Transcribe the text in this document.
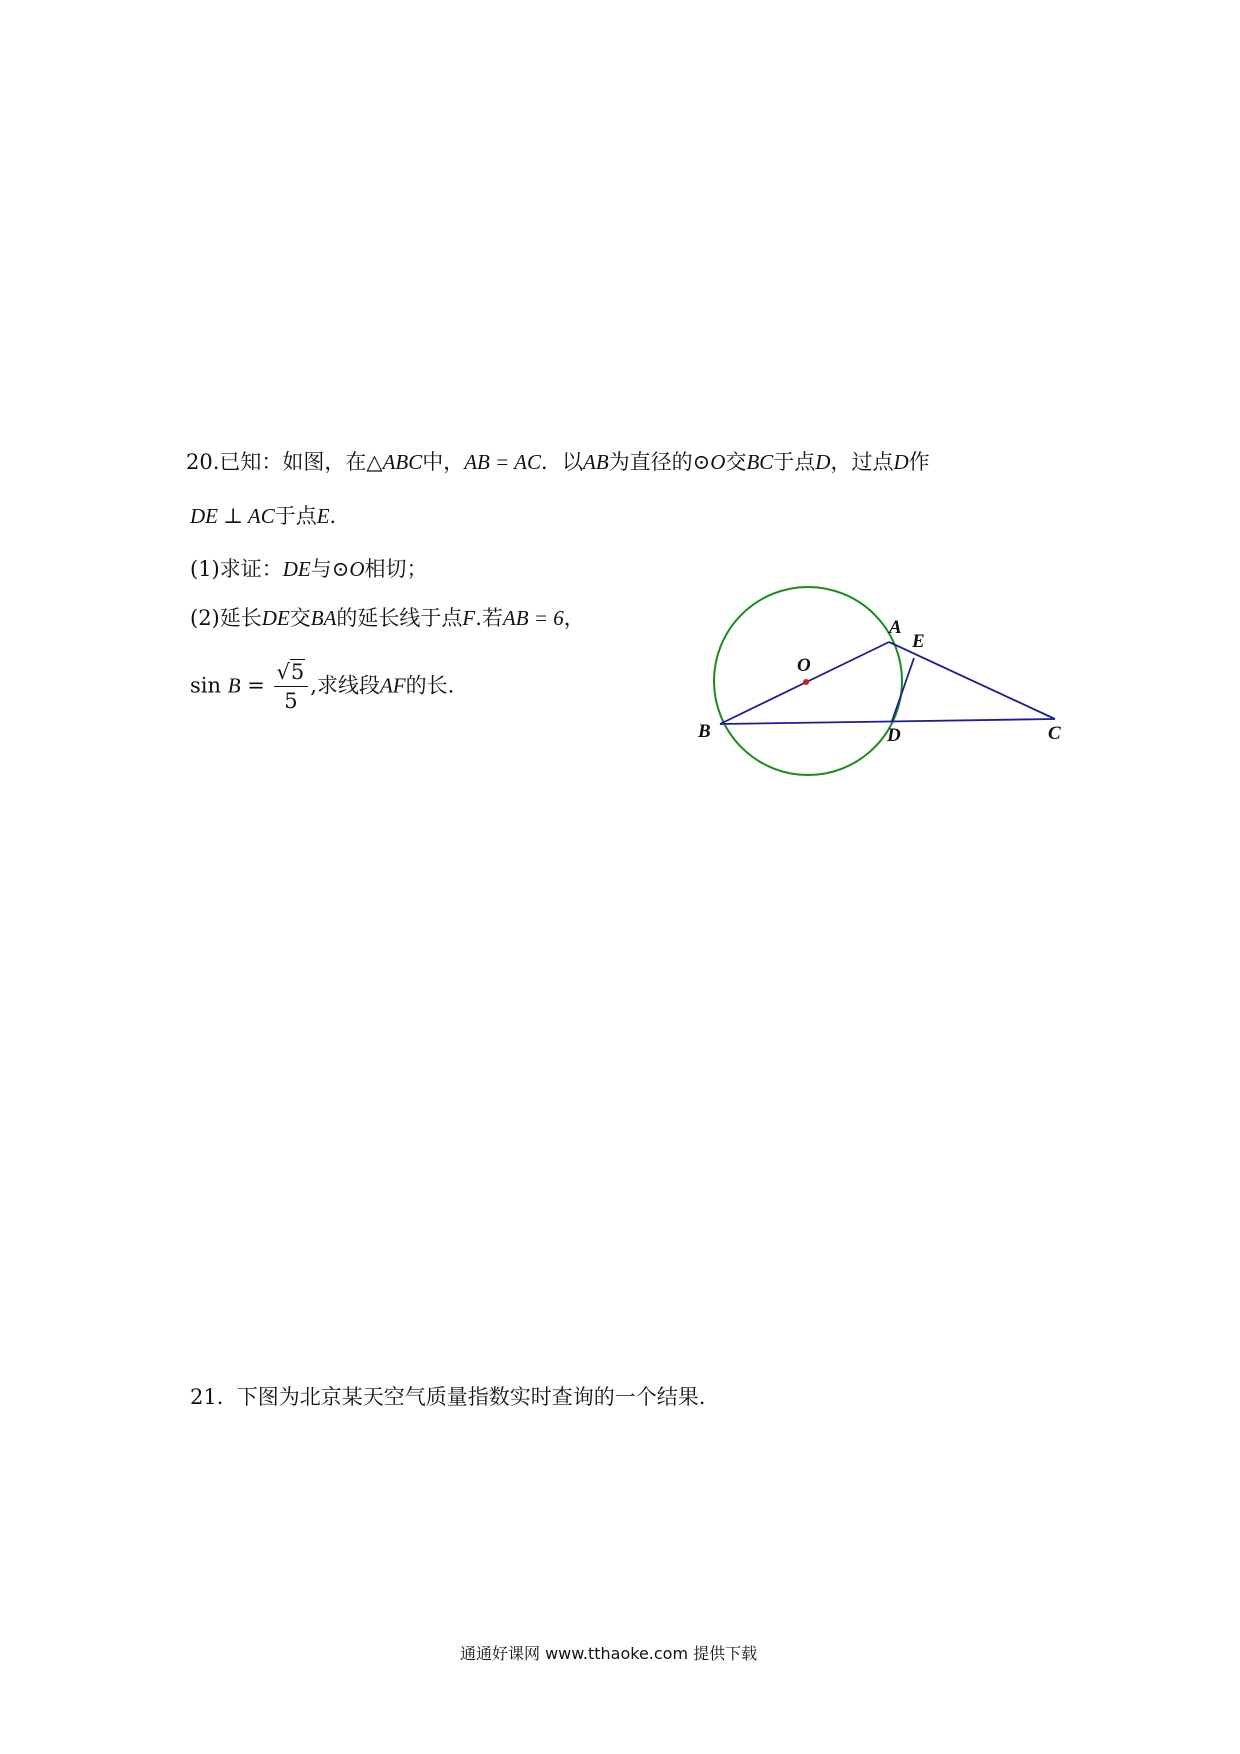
20.已知：如图，在△ABC中，AB = AC．以AB为直径的⊙O交BC于点D，过点D作
DE ⊥ AC于点E.
(1)求证：DE与⊙O相切；
(2)延长DE交BA的延长线于点F.若AB = 6，
$\sin B = \frac{√5}{5}$ ,求线段AF的长.
A
E
O
B	D	C
21. 下图为北京某天空气质量指数实时查询的一个结果.
通通好课网 www.tthaoke.com 提供下载
